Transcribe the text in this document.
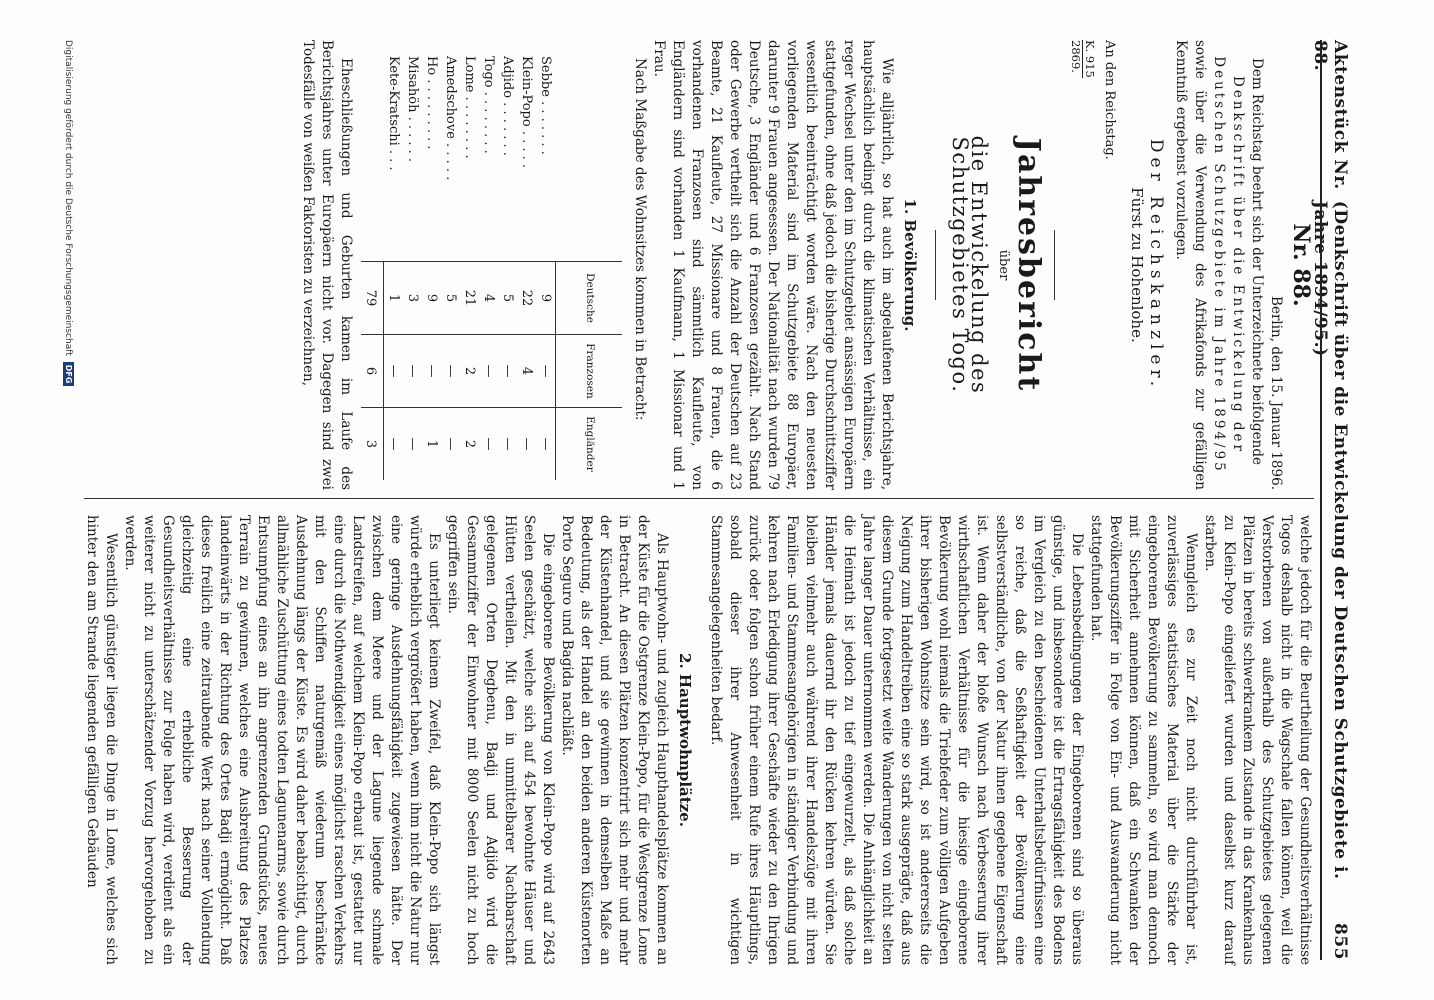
Aktenstück Nr. 88.
(Denkschrift über die Entwickelung der Deutschen Schutzgebiete i. Jahre 1894/95.)
855
Nr. 88.
Berlin, den 15. Januar 1896.

Dem Reichstag beehrt sich der Unterzeichnete beifolgende

Denkschrift über die Entwickelung der Deutschen Schutzgebiete im Jahre 1894/95

sowie über die Verwendung des Afrikafonds zur gefälligen Kenntniß ergebenst vorzulegen.

Der Reichskanzler.
Fürst zu Hohenlohe.
An den Reichstag.
K. 915
2869.
Jahresbericht
über
die Entwickelung des Schutzgebietes Togo.
1. Bevölkerung.

Wie alljährlich, so hat auch im abgelaufenen Berichtsjahre, hauptsächlich bedingt durch die klimatischen Verhältnisse, ein reger Wechsel unter den im Schutzgebiet ansässigen Europäern stattgefunden, ohne daß jedoch die bisherige Durchschnittsziffer wesentlich beeinträchtigt worden wäre. Nach den neuesten vorliegenden Material sind im Schutzgebiete 88 Europäer, darunter 9 Frauen angesessen. Der Nationalität nach wurden 79 Deutsche, 3 Engländer und 6 Franzosen gezählt. Nach Stand oder Gewerbe vertheilt sich die Anzahl der Deutschen auf 23 Beamte, 21 Kaufleute, 27 Missionare und 8 Frauen, die 6 vorhandenen Franzosen sind sämmtlich Kaufleute, von Engländern sind vorhanden 1 Kaufmann, 1 Missionar und 1 Frau.

Nach Maßgabe des Wohnsitzes kommen in Betracht:

	Deutsche	Franzosen	Engländer
Sebbe . . . . . . .	9	—	—
Klein-Popo . . . . .	22	4	—
Adjido . . . . . . .	5	—	—
Togo . . . . . . . .	4	—	—
Lome . . . . . . . .	21	2	2
Amedschove . . . . .	5	—	—
Ho . . . . . . . . .	9	—	1
Misahöh . . . . . .	3	—	—
Kete-Kratschi . . .	1	—	—
	79	6	3

Eheschließungen und Geburten kamen im Laufe des Berichtsjahres unter Europäern nicht vor. Dagegen sind zwei Todesfälle von weißen Faktoristen zu verzeichnen,

welche jedoch für die Beurtheilung der Gesundheitsverhältnisse Togos deshalb nicht in die Wagschale fallen können, weil die Verstorbenen von außerhalb des Schutzgebietes gelegenen Plätzen in bereits schwerkrankem Zustande in das Krankenhaus zu Klein-Popo eingeliefert wurden und daselbst kurz darauf starben.

Wenngleich es zur Zeit noch nicht durchführbar ist, zuverlässiges statistisches Material über die Stärke der eingeborenen Bevölkerung zu sammeln, so wird man dennoch mit Sicherheit annehmen können, daß ein Schwanken der Bevölkerungsziffer in Folge von Ein- und Auswanderung nicht stattgefunden hat.

Die Lebensbedingungen der Eingeborenen sind so überaus günstige, und insbesondere ist die Ertragsfähigkeit des Bodens im Vergleich zu den bescheidenen Unterhaltsbedürfnissen eine so reiche, daß die Seßhaftigkeit der Bevölkerung eine selbstverständliche, von der Natur ihnen gegebene Eigenschaft ist. Wenn daher der bloße Wunsch nach Verbesserung ihrer wirthschaftlichen Verhältnisse für die hiesige eingeborene Bevölkerung wohl niemals die Triebfeder zum völligen Aufgeben ihrer bisherigen Wohnsitze sein wird, so ist andererseits die Neigung zum Handeltreiben eine so stark ausgeprägte, daß aus diesem Grunde fortgesetzt weite Wanderungen von nicht selten Jahre langer Dauer unternommen werden. Die Anhänglichkeit an die Heimath ist jedoch zu tief eingewurzelt, als daß solche Händler jemals dauernd ihr den Rücken kehren würden. Sie bleiben vielmehr auch während ihrer Handelszüge mit ihren Familien- und Stammesangehörigen in ständiger Verbindung und kehren nach Erledigung ihrer Geschäfte wieder zu den Ihrigen zurück oder folgen schon früher einem Rufe ihres Häuptlings, sobald dieser ihrer Anwesenheit in wichtigen Stammesangelegenheiten bedarf.

2. Hauptwohnplätze.

Als Hauptwohn- und zugleich Haupthandelsplätze kommen an der Küste für die Ostgrenze Klein-Popo, für die Westgrenze Lome in Betracht. An diesen Plätzen konzentrirt sich mehr und mehr der Küstenhandel, und sie gewinnen in demselben Maße an Bedeutung, als der Handel an den beiden anderen Küstenorten Porto Seguro und Bagida nachläßt.

Die eingeborene Bevölkerung von Klein-Popo wird auf 2643 Seelen geschätzt, welche sich auf 454 bewohnte Häuser und Hütten vertheilen. Mit den in unmittelbarer Nachbarschaft gelegenen Orten Degbenu, Badji und Adjido wird die Gesammtziffer der Einwohner mit 8000 Seelen nicht zu hoch gegriffen sein.

Es unterliegt keinem Zweifel, daß Klein-Popo sich längst würde erheblich vergrößert haben, wenn ihm nicht die Natur nur eine geringe Ausdehnungsfähigkeit zugewiesen hätte. Der zwischen dem Meere und der Lagune liegende schmale Landstreifen, auf welchem Klein-Popo erbaut ist, gestattet nur eine durch die Nothwendigkeit eines möglichst raschen Verkehrs mit den Schiffen naturgemäß wiederum beschränkte Ausdehnung längs der Küste. Es wird daher beabsichtigt, durch allmähliche Zuschüttung eines todten Lagunenarms, sowie durch Entsumpfung eines an ihn angrenzenden Grundstücks, neues Terrain zu gewinnen, welches eine Ausbreitung des Platzes landeinwärts in der Richtung des Ortes Badji ermöglicht. Daß dieses freilich eine zeitraubende Werk nach seiner Vollendung gleichzeitig eine erhebliche Besserung der Gesundheitsverhältnisse zur Folge haben wird, verdient als ein weiterer nicht zu unterschätzender Vorzug hervorgehoben zu werden.

Wesentlich günstiger liegen die Dinge in Lome, welches sich hinter den am Strande liegenden gefälligen Gebäuden

Digitalisierung gefördert durch die Deutsche Forschungsgemeinschaft
DFG
